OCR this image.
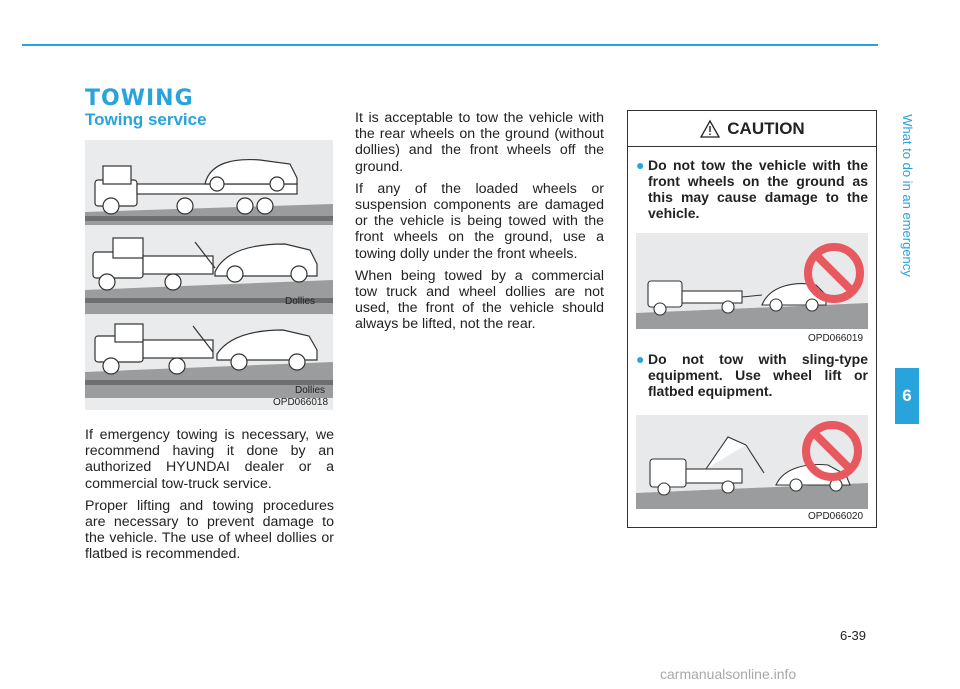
TOWING
Towing service
Dollies
Dollies
OPD066018

If emergency towing is necessary, we recommend having it done by an authorized HYUNDAI dealer or a commercial tow-truck service.

Proper lifting and towing procedures are necessary to prevent damage to the vehicle. The use of wheel dollies or flatbed is recommended.

It is acceptable to tow the vehicle with the rear wheels on the ground (without dollies) and the front wheels off the ground.

If any of the loaded wheels or suspension components are damaged or the vehicle is being towed with the front wheels on the ground, use a towing dolly under the front wheels.

When being towed by a commercial tow truck and wheel dollies are not used, the front of the vehicle should always be lifted, not the rear.

CAUTION
● Do not tow the vehicle with the front wheels on the ground as this may cause damage to the vehicle.
OPD066019
● Do not tow with sling-type equipment. Use wheel lift or flatbed equipment.
OPD066020
What to do in an emergency
6
6-39
carmanualsonline.info
